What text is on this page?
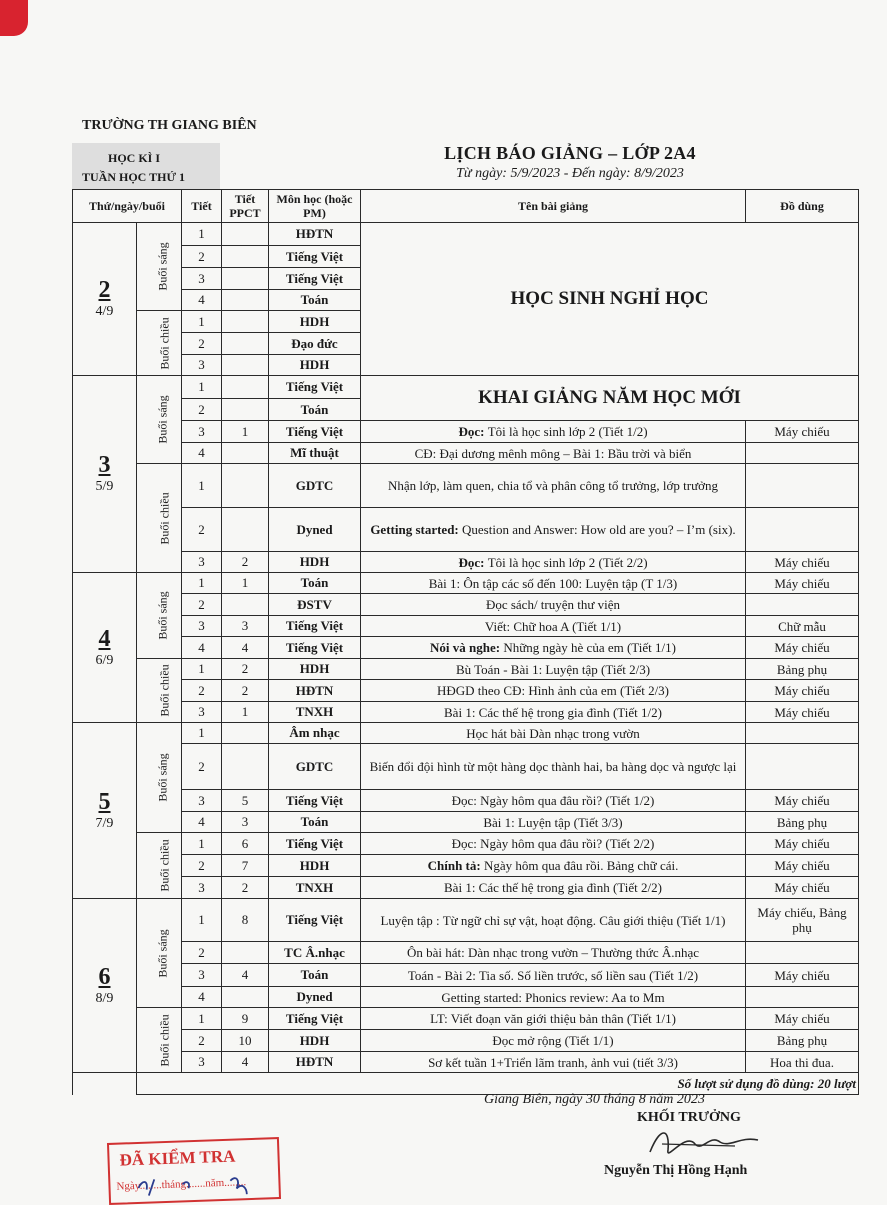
TRƯỜNG TH GIANG BIÊN
HỌC KÌ I
TUẦN HỌC THỨ 1
LỊCH BÁO GIẢNG – LỚP 2A4
Từ ngày: 5/9/2023 - Đến ngày: 8/9/2023
Thứ/ngày/buổi		Tiết	Tiết PPCT	Môn học (hoặc PM)	Tên bài giảng	Đồ dùng

2
4/9	Buổi sáng	1		HĐTN	HỌC SINH NGHỈ HỌC	
		2		Tiếng Việt		
		3		Tiếng Việt		
		4		Toán		
	Buổi chiều	1		HDH		
		2		Đạo đức		
		3		HDH		

3
5/9	Buổi sáng	1		Tiếng Việt	KHAI GIẢNG NĂM HỌC MỚI	
		2		Toán		
		3	1	Tiếng Việt	Đọc: Tôi là học sinh lớp 2 (Tiết 1/2)	Máy chiếu
		4		Mĩ thuật	CĐ: Đại dương mênh mông – Bài 1: Bầu trời và biển	
	Buổi chiều	1		GDTC	Nhận lớp, làm quen, chia tổ và phân công tổ trưởng, lớp trưởng	
		2		Dyned	Getting started: Question and Answer: How old are you? – I’m (six).	
		3	2	HDH	Đọc: Tôi là học sinh lớp 2 (Tiết 2/2)	Máy chiếu

4
6/9	Buổi sáng	1	1	Toán	Bài 1: Ôn tập các số đến 100: Luyện tập (T 1/3)	Máy chiếu
		2		ĐSTV	Đọc sách/ truyện thư viện	
		3	3	Tiếng Việt	Viết: Chữ hoa A (Tiết 1/1)	Chữ mẫu
		4	4	Tiếng Việt	Nói và nghe: Những ngày hè của em (Tiết 1/1)	Máy chiếu
	Buổi chiều	1	2	HDH	Bù Toán - Bài 1: Luyện tập (Tiết 2/3)	Bảng phụ
		2	2	HĐTN	HĐGD theo CĐ: Hình ảnh của em (Tiết 2/3)	Máy chiếu
		3	1	TNXH	Bài 1: Các thế hệ trong gia đình (Tiết 1/2)	Máy chiếu

5
7/9	Buổi sáng	1		Âm nhạc	Học hát bài Dàn nhạc trong vườn	
		2		GDTC	Biến đổi đội hình từ một hàng dọc thành hai, ba hàng dọc và ngược lại	
		3	5	Tiếng Việt	Đọc: Ngày hôm qua đâu rồi? (Tiết 1/2)	Máy chiếu
		4	3	Toán	Bài 1: Luyện tập (Tiết 3/3)	Bảng phụ
	Buổi chiều	1	6	Tiếng Việt	Đọc: Ngày hôm qua đâu rồi? (Tiết 2/2)	Máy chiếu
		2	7	HDH	Chính tả: Ngày hôm qua đâu rồi. Bảng chữ cái.	Máy chiếu
		3	2	TNXH	Bài 1: Các thế hệ trong gia đình (Tiết 2/2)	Máy chiếu

6
8/9	Buổi sáng	1	8	Tiếng Việt	Luyện tập : Từ ngữ chỉ sự vật, hoạt động. Câu giới thiệu (Tiết 1/1)	Máy chiếu, Bảng phụ
		2		TC Â.nhạc	Ôn bài hát: Dàn nhạc trong vườn – Thường thức Â.nhạc	
		3	4	Toán	Toán - Bài 2: Tia số. Số liền trước, số liền sau (Tiết 1/2)	Máy chiếu
		4		Dyned	Getting started: Phonics review: Aa to Mm	
	Buổi chiều	1	9	Tiếng Việt	LT: Viết đoạn văn giới thiệu bản thân (Tiết 1/1)	Máy chiếu
		2	10	HDH	Đọc mở rộng (Tiết 1/1)	Bảng phụ
		3	4	HĐTN	Sơ kết tuần 1+Triển lãm tranh, ảnh vui (tiết 3/3)	Hoa thi đua.
	Số lượt sử dụng đồ dùng: 20 lượt					
Giang Biên, ngày 30 tháng 8 năm 2023
KHỐI TRƯỞNG
Nguyễn Thị Hồng Hạnh
ĐÃ KIỂM TRA
Ngày........tháng.......năm........
